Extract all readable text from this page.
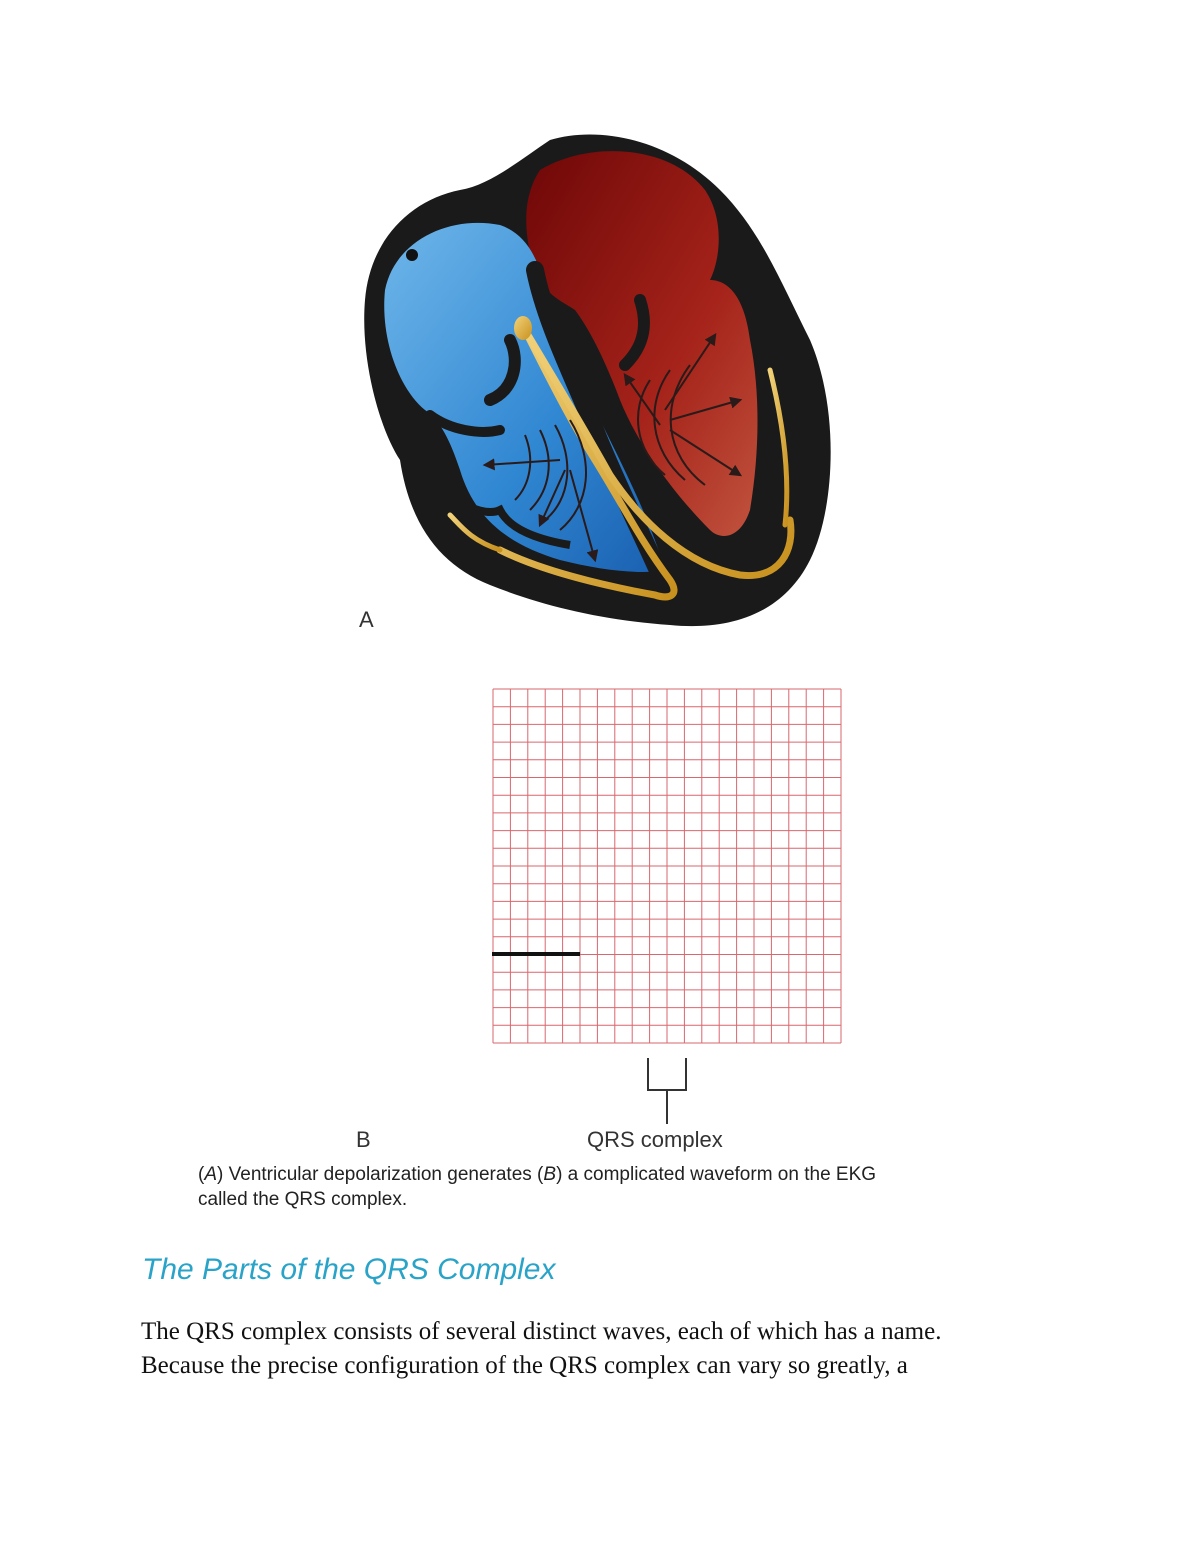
A
B	QRS complex
(A) Ventricular depolarization generates (B) a complicated waveform on the EKG
called the QRS complex.
The Parts of the QRS Complex
The QRS complex consists of several distinct waves, each of which has a name.
Because the precise configuration of the QRS complex can vary so greatly, a
